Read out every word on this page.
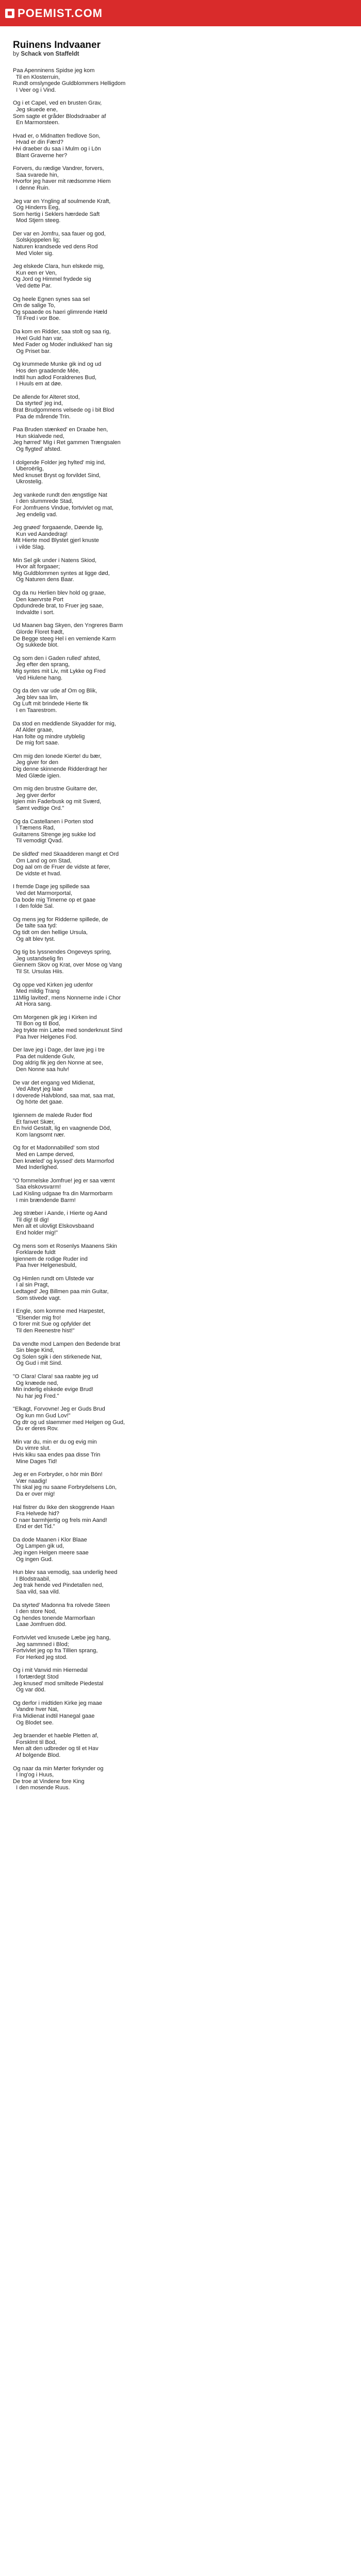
POEMIST.COM
Ruinens Indvaaner
by Schack von Staffeldt
Paa Apenninens Spidse jeg kom
Til en Klosterruin,
Rundt omslyngede Guldblommers Helligdom
I Veer og i Vind.
Og i et Capel, ved en brusten Grav,
Jeg skuede ene,
Som sagte et gråder Blodsdraaber af
En Marmorsteen.
Hvad er, o Midnatten fredlove Son,
Hvad er din Færd?
Hvi draeber du saa i Mulm og i Lön
Blant Graverne her?
Forvers, du rædige Vandrer, forvers,
Saa svarede hin,
Hvorfor jeg haver mit rædsomme Hiem
I denne Ruin.
Jeg var en Yngling af soulmende Kraft,
Og Hinderrs Eeg,
Som hertig i Seklers hærdede Saft
Mod Stjern steeg.
Der var en Jomfru, saa fauer og god,
Solskjoppelen lig;
Naturen krandsede ved dens Rod
Med Violer sig.
Jeg elskede Clara, hun elskede mig,
Kun een er Ven,
Og Jord og Himmel frydede sig
Ved dette Par.
Og heele Egnen synes saa sel
Om de salige To,
Og spaaede os haeri glimrende Hæld
Til Fred i vor Boe.
Da kom en Ridder, saa stolt og saa rig,
Hvel Guld han var,
Med Fader og Moder indlukked' han sig
Og Priset bar.
Og krummede Munke gik ind og ud
Hos den graadende Mée,
Indtil hun adlod Foraldrenes Bud,
I Huuls em at døe.
De allende for Alteret stod,
Da styrted' jeg ind,
Brat Brudgommens velsede og i bit Blod
Paa de mårende Trin.
Paa Bruden stænked' en Draabe hen,
Hun skialvede ned,
Jeg hørred' Mig i Ret gammen Trængsalen
Og flygted' afsted.
I dolgende Folder jeg hylted' mig ind,
Uberoërlig,
Med knuset Bryst og forvildet Sind,
Ukrostelig.
Jeg vankede rundt den ængstlige Nat
I den slummrede Stad,
For Jomfruens Vindue, fortvivlet og mat,
Jeg endelig vad.
Jeg gnøed' forgaaende, Døende lig,
Kun ved Aandedrag!
Mit Hierte mod Blystet gjerl knuste
i vilde Slag.
Min Sel gik under i Natens Skiod,
Hvor alt forgaaer;
Mig Guldblommen syntes at ligge død,
Og Naturen dens Baar.
Og da nu Herlien blev hold og graae,
Den kaervrste Port
Opdundrede brat, to Fruer jeg saae,
Indvaldte i sort.
Ud Maanen bag Skyen, den Yngreres Barm
Glorde Floret frødt,
De Begge steeg Hel i en vemiende Karm
Og sukkede blot.
Og som den i Gaden rulled' afsted,
Jeg efter den sprang,
Mig syntes mit Liv, mit Lykke og Fred
Ved Hiulene hang.
Og da den var ude af Om og Blik,
Jeg blev saa lim,
Og Luft mit brindede Hierte fik
I en Taarestrom.
Da stod en meddlende Skyadder for mig,
Af Alder graae,
Han folte og mindre utyblelig
De mig fort saae.
Om mig den Ionede Kierte! du bær,
Jeg giver for den
Dig denne skinnende Ridderdragt her
Med Glæde igien.
Om mig den brustne Guitarre der,
Jeg giver derfor
Igien min Faderbusk og mit Sværd,
Sømt vedtige Ord."
Og da Castellanen i Porten stod
I Tæmens Rad,
Guitarrens Strenge jeg sukke lod
Til vemodigt Qvad.
De slidfed' med Skaadderen mangt et Ord
Om Land og om Stad,
Dog aal om de Fruer de vidste at fører,
De vidste et hvad.
I fremde Dage jeg spillede saa
Ved det Marmorportal,
Da bode mig Timerne op et gaae
I den folde Sal.
Og mens jeg for Ridderne spillede, de
De talte saa tyd:
Og tidt om den hellige Ursula,
Og alt blev tyst.
Og tig bs lyssnendes Ongeveys spring,
Jeg ustandselig fin
Giennem Skov og Krat, over Mose og Vang
Til St. Ursulas Hiis.
Og oppe ved Kirken jeg udenfor
Med mildig Trang
11Mlig lavited', mens Nonnerne inde i Chor
Alt Hora sang.
Om Morgenen gik jeg i Kirken ind
Til Bon og til Bod,
Jeg trykte min Læbe med sonderknust Sind
Paa hver Helgenes Fod.
Der lave jeg i Dage, der lave jeg i tre
Paa det nuldende Gulv,
Dog aldrig fik jeg den Nonne at see,
Den Nonne saa hulv!
De var det engang ved Midienat,
Ved Alteyt jeg laae
I doverede Halvblond, saa mat, saa mat,
Og hörte det gaae.
Igiennem de malede Ruder flod
Et fanvet Skær,
En hvid Gestalt, lig en vaagnende Död,
Kom langsomt nær.
Og for et Madonnabilled' som stod
Med en Lampe derved,
Den knæled' og kyssed' dets Marmorfod
Med Inderlighed.
"O fornmelske Jomfrue! jeg er saa værnt
Saa elskovsvarm!
Lad Kisling udgaae fra din Marmorbarm
I min brændende Barm!
Jeg stræber i Aande, i Hierte og Aand
Til dig! til dig!
Men alt et ulovligt Elskovsbaand
End holder mig!"
Og mens som et Rosenlys Maanens Skin
Forklarede fuldt
Igiennem de rodige Ruder ind
Paa hver Helgenesbuld,
Og Himlen rundt om Ulstede var
I al sin Pragt,
Ledtaged' Jeg Billmen paa min Guitar,
Som stivede vagt.
I Engle, som komme med Harpestet,
"Elsender mig fro!
O forer mit Sue og opfylder det
Til den Reenestre hist!"
Da vendte mod Lampen den Bedende brat
Sin blege Kind,
Og Solen sgik i den stirkenede Nat,
Og Gud i mit Sind.
"O Clara! Clara! saa raabte jeg ud
Og knæede ned,
Min inderlig elskede evige Brud!
Nu har jeg Fred."
"Elkagt, Forvovne! Jeg er Guds Brud
Og kun mn Gud Lov!"
Og dtr og ud slaemmer med Helgen og Gud,
Du er deres Rov.
Min var du, min er du og evig min
Du vimre slut.
Hvis kiku saa endes paa disse Trin
Mine Dages Tid!
Jeg er en Forbryder, o hör min Bön!
Vær naadig!
Thi skal jeg nu saane Forbrydelsens Lön,
Da er over mig!
Hal fistrer du Ikke den skoggrende Haan
Fra Helvede hid?
O naer barmhjertig og frels min Aand!
End er det Tid."
Da dode Maanen i Klor Blaae
Og Lampen gik ud,
Jeg ingen Helgen meere saae
Og ingen Gud.
Hun blev saa vemodig, saa underlig heed
I Blodstraabil,
Jeg trak hende ved Pindetallen ned,
Saa vild, saa vild.
Da styrted' Madonna fra rolvede Steen
I den store Nod,
Og hendes tonende Marmorfaan
Laae Jomfruen död.
Fortvivlet ved knusede Læbe jeg hang,
Jeg sammned i Blod;
Fortvivlet jeg op fra Tillien sprang,
For Herked jeg stod.
Og i mit Vanvid min Hiernedal
I fortærdegt Stod
Jeg knused' mod smiltede Piedestal
Og var död.
Og derfor i midtiden Kirke jeg maae
Vandre hver Nat,
Fra Midienat indtil Hanegal gaae
Og Blodet see.
Jeg braender et haeble Pletten af,
Forsklmt til Bod,
Men alt den udbreder og til et Hav
Af bolgende Blod.
Og naar da min Mørter forkynder og
I Ing'og i Huus,
De troe at Vindene fore King
I den mosende Ruus.
